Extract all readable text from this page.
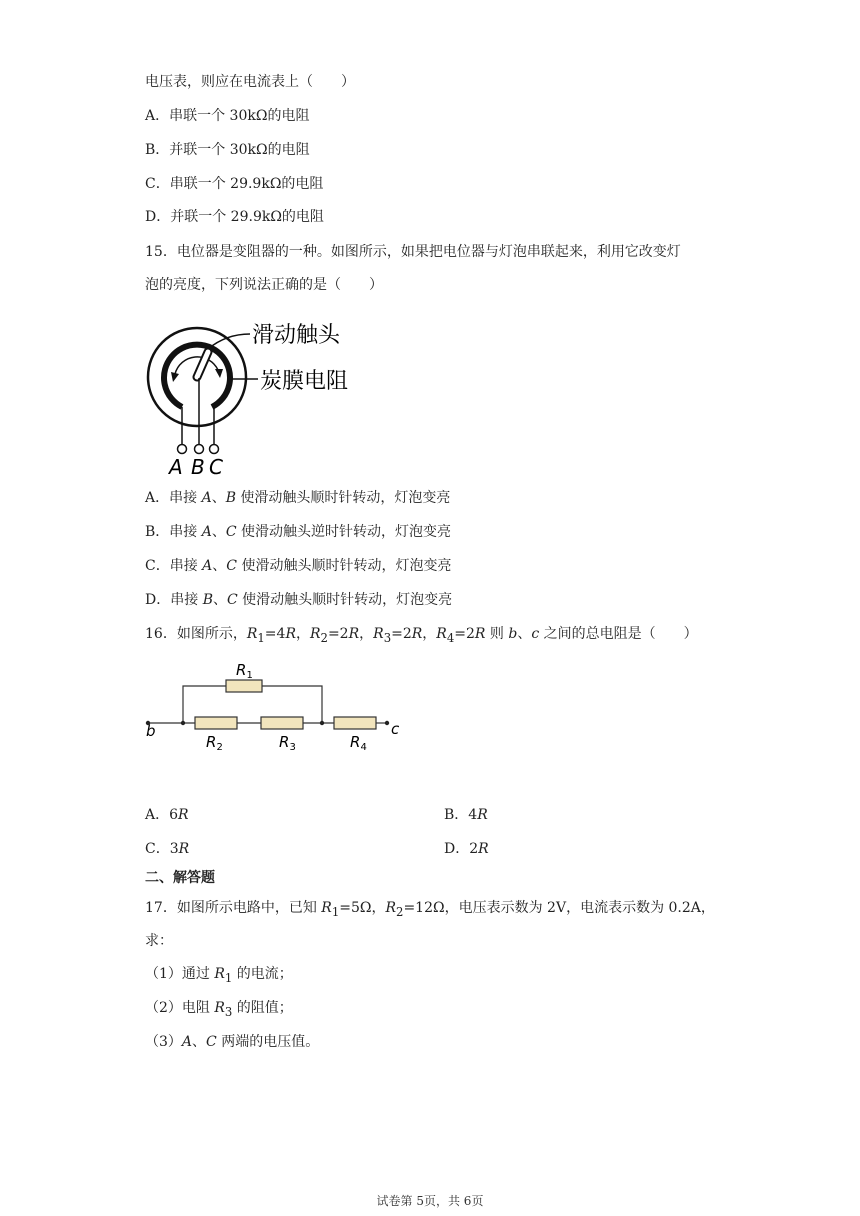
电压表，则应在电流表上（　　）
A．串联一个 30kΩ的电阻
B．并联一个 30kΩ的电阻
C．串联一个 29.9kΩ的电阻
D．并联一个 29.9kΩ的电阻
15．电位器是变阻器的一种。如图所示，如果把电位器与灯泡串联起来，利用它改变灯
泡的亮度，下列说法正确的是（　　）
A B C
滑动触头
炭膜电阻
A．串接 A、B 使滑动触头顺时针转动，灯泡变亮
B．串接 A、C 使滑动触头逆时针转动，灯泡变亮
C．串接 A、C 使滑动触头顺时针转动，灯泡变亮
D．串接 B、C 使滑动触头顺时针转动，灯泡变亮
16．如图所示，$R_1=4R$，$R_2=2R$，$R_3=2R$，$R_4=2R$ 则 b、c 之间的总电阻是（　　）
$R_1$
$R_2$	$R_3$	$R_4$
b	c
A．6R	B．4R
C．3R	D．2R
二、解答题
17．如图所示电路中，已知 $R_1=5\Omega$，$R_2=12\Omega$，电压表示数为 2V，电流表示数为 0.2A，
求：
（1）通过 $R_1$ 的电流；
（2）电阻 $R_3$ 的阻值；
（3）A、C 两端的电压值。
试卷第 5页，共 6页
